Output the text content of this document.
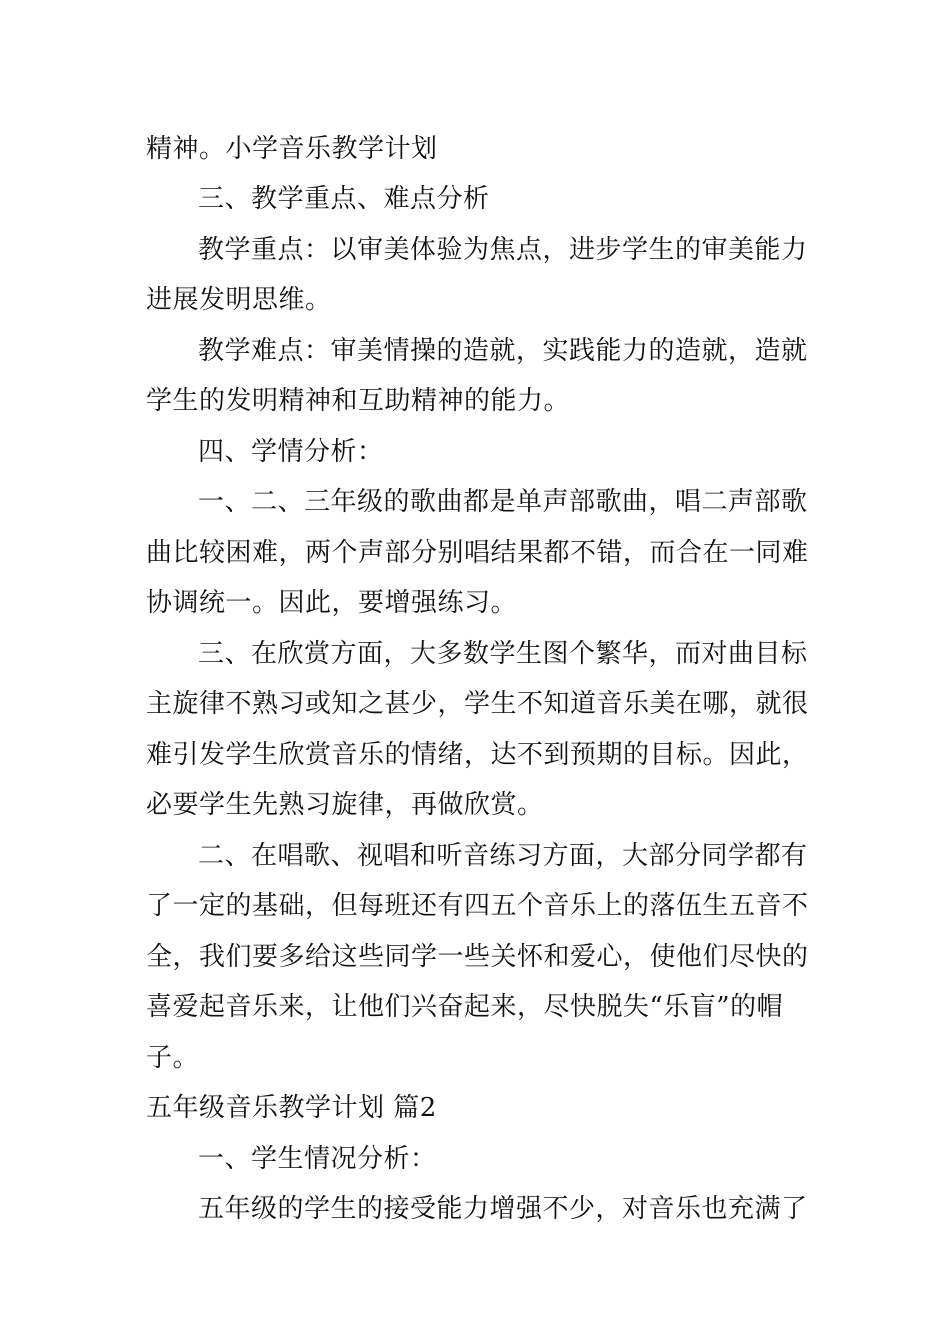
精神。小学音乐教学计划
三、教学重点、难点分析
教学重点：以审美体验为焦点，进步学生的审美能力
进展发明思维。
教学难点：审美情操的造就，实践能力的造就，造就
学生的发明精神和互助精神的能力。
四、学情分析：
一、二、三年级的歌曲都是单声部歌曲，唱二声部歌
曲比较困难，两个声部分别唱结果都不错，而合在一同难
协调统一。因此，要增强练习。
三、在欣赏方面，大多数学生图个繁华，而对曲目标
主旋律不熟习或知之甚少，学生不知道音乐美在哪，就很
难引发学生欣赏音乐的情绪，达不到预期的目标。因此，
必要学生先熟习旋律，再做欣赏。
二、在唱歌、视唱和听音练习方面，大部分同学都有
了一定的基础，但每班还有四五个音乐上的落伍生五音不
全，我们要多给这些同学一些关怀和爱心，使他们尽快的
喜爱起音乐来，让他们兴奋起来，尽快脱失“乐盲”的帽
子。
五年级音乐教学计划 篇2
一、学生情况分析：
五年级的学生的接受能力增强不少，对音乐也充满了
